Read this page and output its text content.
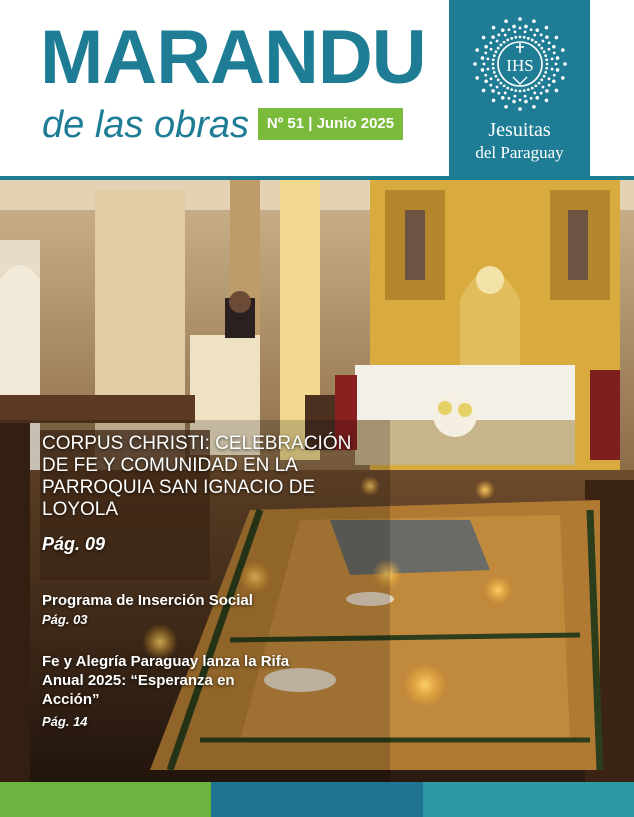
MARANDU
de las obras	Nº 51 | Junio 2025
IHS
Jesuitas
del Paraguay
CORPUS CHRISTI: CELEBRACIÓN DE FE Y COMUNIDAD EN LA PARROQUIA SAN IGNACIO DE LOYOLA
Pág. 09
Programa de Inserción Social
Pág. 03
Fe y Alegría Paraguay lanza la Rifa Anual 2025: “Esperanza en Acción”
Pág. 14
